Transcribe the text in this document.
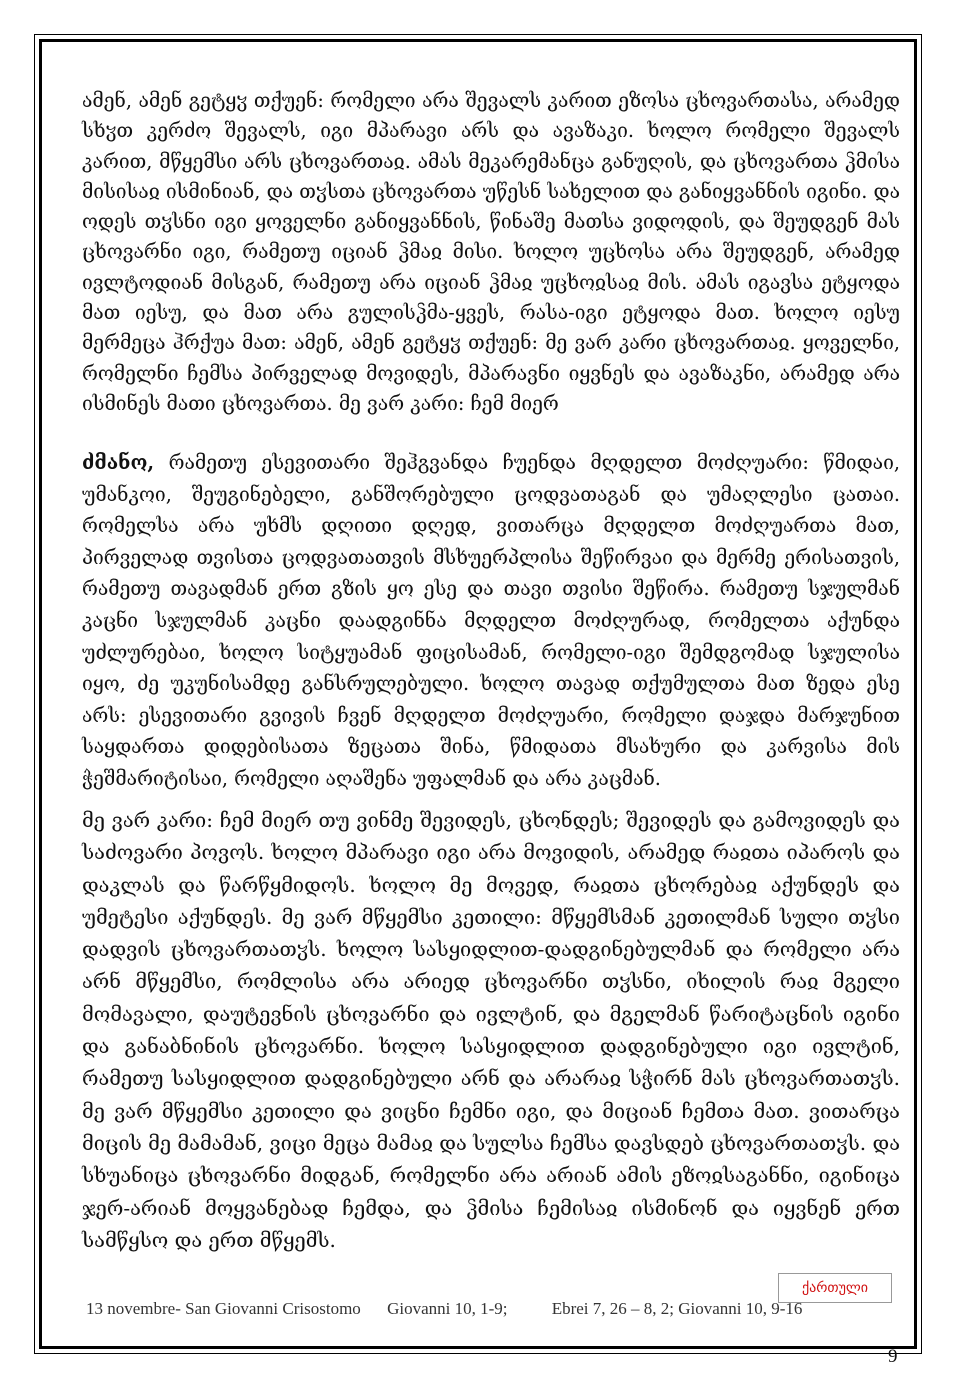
ამენ, ამენ გეტყჳ თქუენ: რომელი არა შევალს კარით ეზოსა ცხოვართასა, არამედ სხჳთ კერძო შევალს, იგი მპარავი არს და ავაზაკი. ხოლო რომელი შევალს კარით, მწყემსი არს ცხოვართაჲ. ამას მეკარემანცა განუღის, და ცხოვართა ჴმისა მისისაჲ ისმინიან, და თჳსთა ცხოვართა უწესნ სახელით და განიყვანნის იგინი. და ოდეს თჳსნი იგი ყოველნი განიყვანნის, წინაშე მათსა ვიდოდის, და შეუდგენ მას ცხოვარნი იგი, რამეთუ იციან ჴმაჲ მისი. ხოლო უცხოსა არა შეუდგენ, არამედ ივლტოდიან მისგან, რამეთუ არა იციან ჴმაჲ უცხოჲსაჲ მის. ამას იგავსა ეტყოდა მათ იესუ, და მათ არა გულისჴმა-ყვეს, რასა-იგი ეტყოდა მათ. ხოლო იესუ მერმეცა ჰრქუა მათ: ამენ, ამენ გეტყჳ თქუენ: მე ვარ კარი ცხოვართაჲ. ყოველნი, რომელნი ჩემსა პირველად მოვიდეს, მპარავნი იყვნეს და ავაზაკნი, არამედ არა ისმინეს მათი ცხოვართა. მე ვარ კარი: ჩემ მიერ
ძმანო, რამეთუ ესევითარი შეჰგვანდა ჩუენდა მღდელთ მოძღუარი: წმიდაი, უმანკოი, შეუგინებელი, განშორებული ცოდვათაგან და უმაღლესი ცათაი. რომელსა არა უხმს დღითი დღედ, ვითარცა მღდელთ მოძღუართა მათ, პირველად თვისთა ცოდვათათვის მსხუერპლისა შეწირვაი და მერმე ერისათვის, რამეთუ თავადმან ერთ გზის ყო ესე და თავი თვისი შეწირა. რამეთუ სჯულმან კაცნი სჯულმან კაცნი დაადგინნა მღდელთ მოძღურად, რომელთა აქუნდა უძლურებაი, ხოლო სიტყუამან ფიცისამან, რომელი-იგი შემდგომად სჯულისა იყო, ძე უკუნისამდე განსრულებული. ხოლო თავად თქუმულთა მათ ზედა ესე არს: ესევითარი გვივის ჩვენ მღდელთ მოძღუარი, რომელი დაჯდა მარჯუნით საყდართა დიდებისათა ზეცათა შინა, წმიდათა მსახური და კარვისა მის ჭეშმარიტისაი, რომელი აღაშენა უფალმან და არა კაცმან.
მე ვარ კარი: ჩემ მიერ თუ ვინმე შევიდეს, ცხონდეს; შევიდეს და გამოვიდეს და საძოვარი პოვოს. ხოლო მპარავი იგი არა მოვიდის, არამედ რაჲთა იპაროს და დაკლას და წარწყმიდოს. ხოლო მე მოვედ, რაჲთა ცხორებაჲ აქუნდეს და უმეტესი აქუნდეს. მე ვარ მწყემსი კეთილი: მწყემსმან კეთილმან სული თჳსი დადვის ცხოვართათჳს. ხოლო სასყიდლით-დადგინებულმან და რომელი არა არნ მწყემსი, რომლისა არა არიედ ცხოვარნი თჳსნი, იხილის რაჲ მგელი მომავალი, დაუტევნის ცხოვარნი და ივლტინ, და მგელმან წარიტაცნის იგინი და განაბნინის ცხოვარნი. ხოლო სასყიდლით დადგინებული იგი ივლტინ, რამეთუ სასყიდლით დადგინებული არნ და არარაჲ სჭირნ მას ცხოვართათჳს. მე ვარ მწყემსი კეთილი და ვიცნი ჩემნი იგი, და მიციან ჩემთა მათ. ვითარცა მიცის მე მამამან, ვიცი მეცა მამაჲ და სულსა ჩემსა დავსდებ ცხოვართათჳს. და სხუანიცა ცხოვარნი მიდგან, რომელნი არა არიან ამის ეზოჲსაგანნი, იგინიცა ჯერ-არიან მოყვანებად ჩემდა, და ჴმისა ჩემისაჲ ისმინონ და იყვნენ ერთ სამწყსო და ერთ მწყემს.
ქართული
13 novembre- San Giovanni Crisostomo Giovanni 10, 1-9;	Ebrei 7, 26 – 8, 2; Giovanni 10, 9-16
9
